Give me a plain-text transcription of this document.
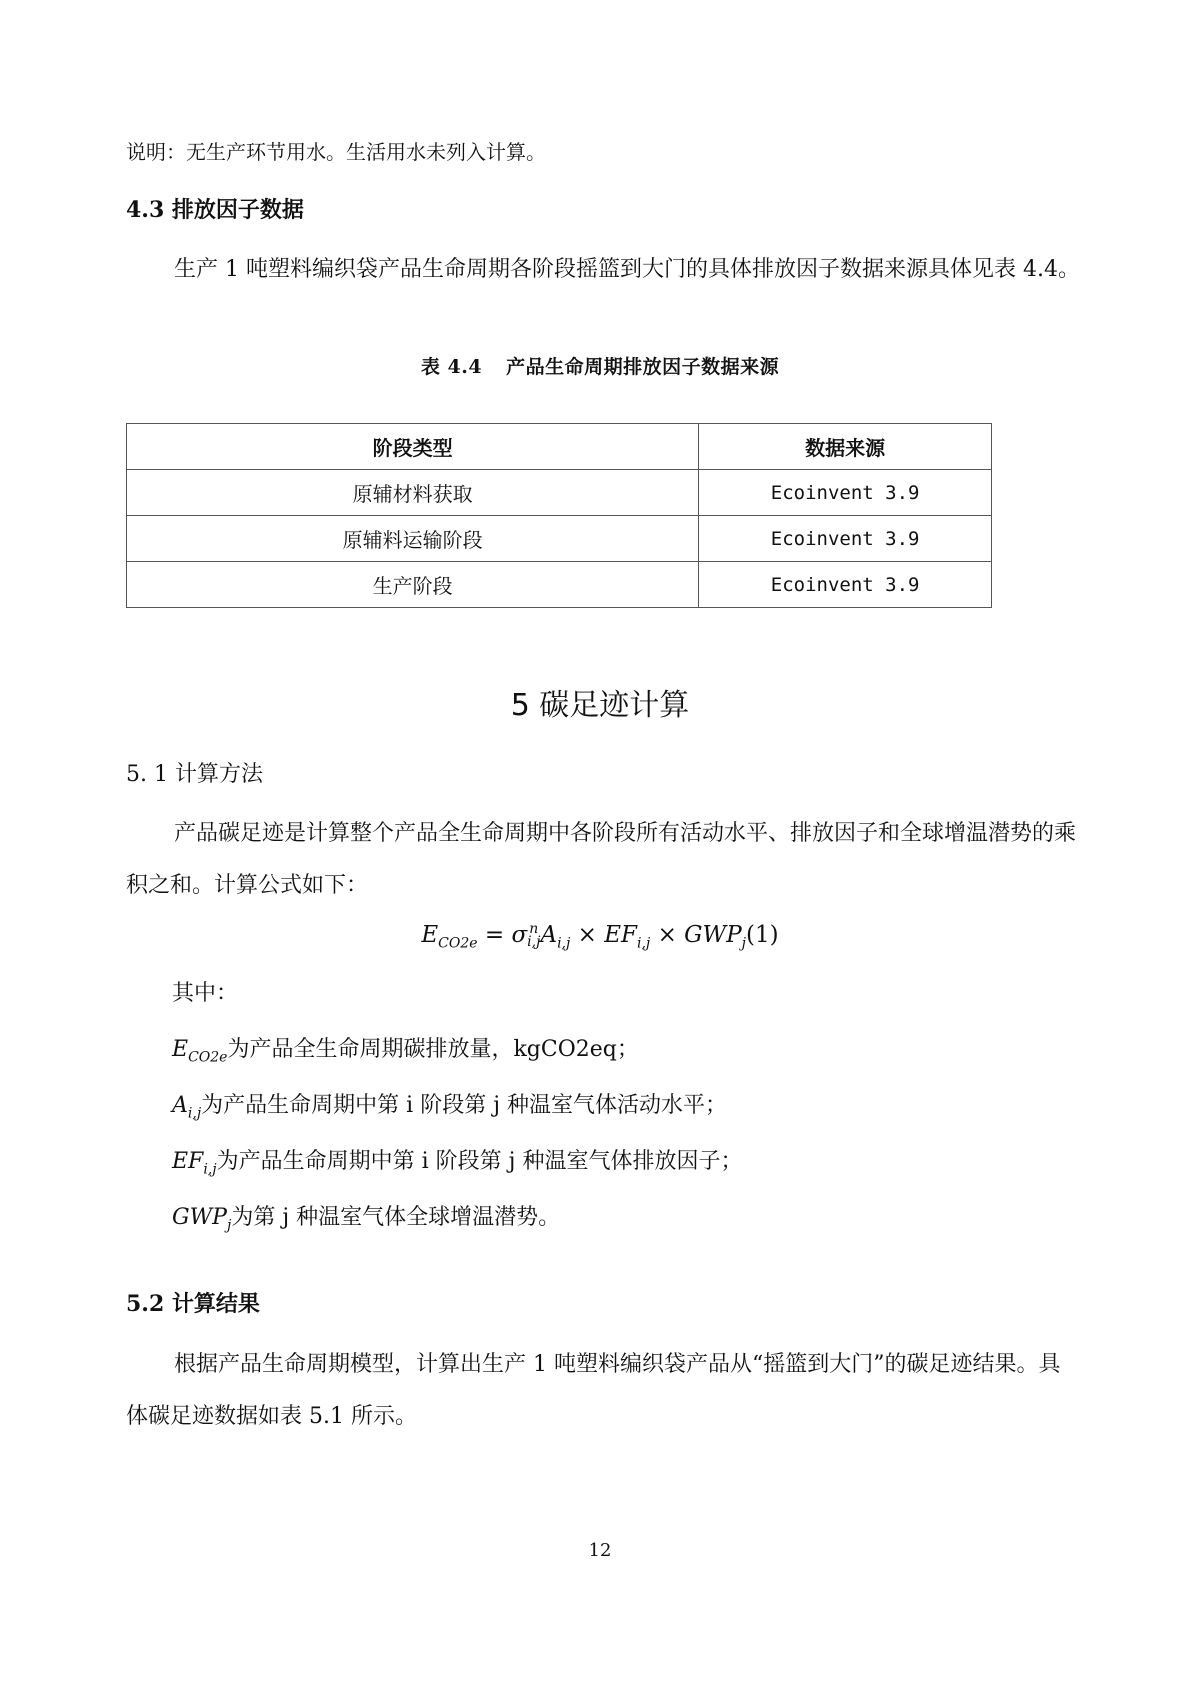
说明：无生产环节用水。生活用水未列入计算。
4.3 排放因子数据
生产 1 吨塑料编织袋产品生命周期各阶段摇篮到大门的具体排放因子数据来源具体见表 4.4。
表 4.4 产品生命周期排放因子数据来源
阶段类型	数据来源
原辅材料获取	Ecoinvent 3.9
原辅料运输阶段	Ecoinvent 3.9
生产阶段	Ecoinvent 3.9
5 碳足迹计算
5. 1 计算方法
产品碳足迹是计算整个产品全生命周期中各阶段所有活动水平、排放因子和全球增温潜势的乘积之和。计算公式如下：
$E_{CO2e} = \sigma$ n
i,j $A_{i,j} \times EF_{i,j} \times GWP_j(1)$
其中：
$E_{CO2e}$为产品全生命周期碳排放量，kgCO2eq；
$A_{i,j}$为产品生命周期中第 i 阶段第 j 种温室气体活动水平；
$EF_{i,j}$为产品生命周期中第 i 阶段第 j 种温室气体排放因子；
$GWP_j$为第 j 种温室气体全球增温潜势。
5.2 计算结果
根据产品生命周期模型，计算出生产 1 吨塑料编织袋产品从“摇篮到大门”的碳足迹结果。具体碳足迹数据如表 5.1 所示。
12
